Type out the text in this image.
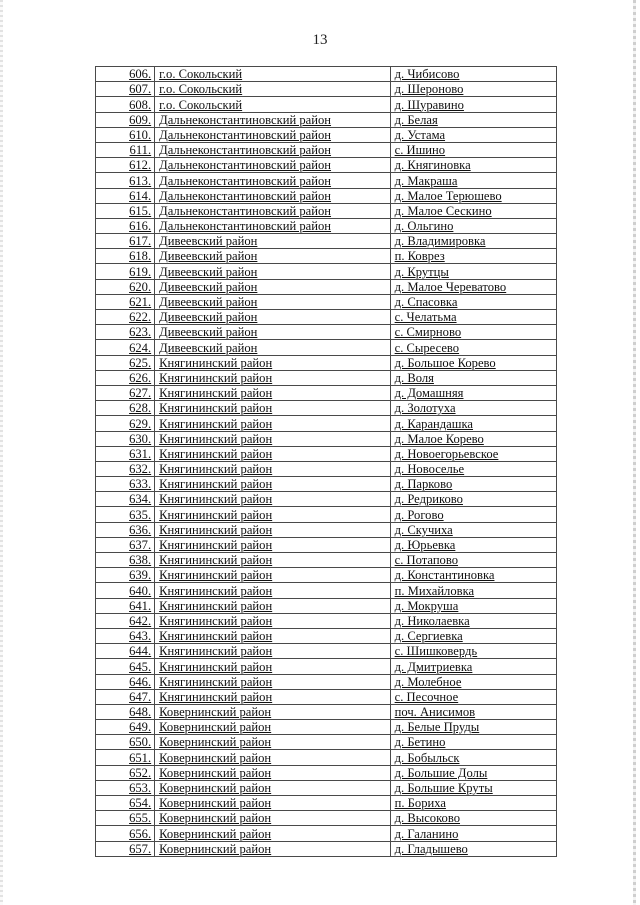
13
606.	г.о. Сокольский	д. Чибисово
607.	г.о. Сокольский	д. Шероново
608.	г.о. Сокольский	д. Шуравино
609.	Дальнеконстантиновский район	д. Белая
610.	Дальнеконстантиновский район	д. Устама
611.	Дальнеконстантиновский район	с. Ишино
612.	Дальнеконстантиновский район	д. Княгиновка
613.	Дальнеконстантиновский район	д. Макраша
614.	Дальнеконстантиновский район	д. Малое Терюшево
615.	Дальнеконстантиновский район	д. Малое Сескино
616.	Дальнеконстантиновский район	д. Ольгино
617.	Дивеевский район	д. Владимировка
618.	Дивеевский район	п. Коврез
619.	Дивеевский район	д. Крутцы
620.	Дивеевский район	д. Малое Череватово
621.	Дивеевский район	д. Спасовка
622.	Дивеевский район	с. Челатьма
623.	Дивеевский район	с. Смирново
624.	Дивеевский район	с. Сыресево
625.	Княгининский район	д. Большое Корево
626.	Княгининский район	д. Воля
627.	Княгининский район	д. Домашняя
628.	Княгининский район	д. Золотуха
629.	Княгининский район	д. Карандашка
630.	Княгининский район	д. Малое Корево
631.	Княгининский район	д. Новоегорьевское
632.	Княгининский район	д. Новоселье
633.	Княгининский район	д. Парково
634.	Княгининский район	д. Редриково
635.	Княгининский район	д. Рогово
636.	Княгининский район	д. Скучиха
637.	Княгининский район	д. Юрьевка
638.	Княгининский район	с. Потапово
639.	Княгининский район	д. Константиновка
640.	Княгининский район	п. Михайловка
641.	Княгининский район	д. Мокруша
642.	Княгининский район	д. Николаевка
643.	Княгининский район	д. Сергиевка
644.	Княгининский район	с. Шишковердь
645.	Княгининский район	д. Дмитриевка
646.	Княгининский район	д. Молебное
647.	Княгининский район	с. Песочное
648.	Ковернинский район	поч. Анисимов
649.	Ковернинский район	д. Белые Пруды
650.	Ковернинский район	д. Бетино
651.	Ковернинский район	д. Бобыльск
652.	Ковернинский район	д. Большие Долы
653.	Ковернинский район	д. Большие Круты
654.	Ковернинский район	п. Бориха
655.	Ковернинский район	д. Высоково
656.	Ковернинский район	д. Галанино
657.	Ковернинский район	д. Гладышево
